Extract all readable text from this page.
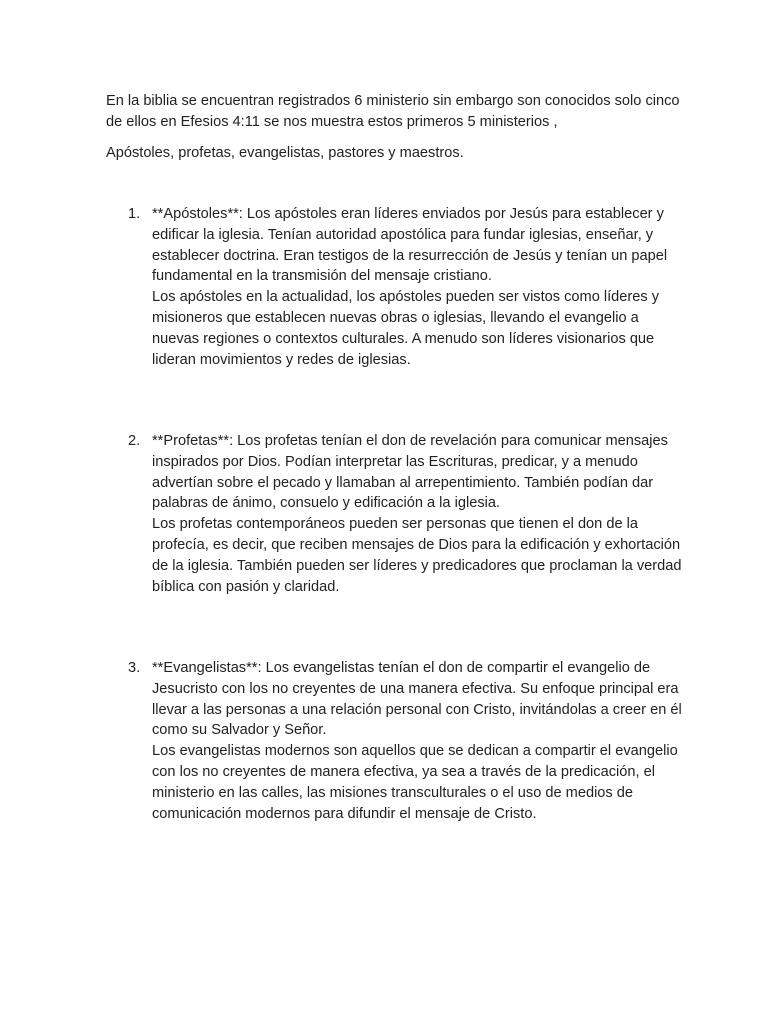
En la biblia se encuentran registrados 6 ministerio sin embargo son conocidos solo cinco de ellos en Efesios 4:11 se nos muestra estos primeros 5 ministerios ,

Apóstoles, profetas, evangelistas, pastores y maestros.

1. **Apóstoles**: Los apóstoles eran líderes enviados por Jesús para establecer y edificar la iglesia. Tenían autoridad apostólica para fundar iglesias, enseñar, y establecer doctrina. Eran testigos de la resurrección de Jesús y tenían un papel fundamental en la transmisión del mensaje cristiano.

Los apóstoles en la actualidad, los apóstoles pueden ser vistos como líderes y misioneros que establecen nuevas obras o iglesias, llevando el evangelio a nuevas regiones o contextos culturales. A menudo son líderes visionarios que lideran movimientos y redes de iglesias.

2. **Profetas**: Los profetas tenían el don de revelación para comunicar mensajes inspirados por Dios. Podían interpretar las Escrituras, predicar, y a menudo advertían sobre el pecado y llamaban al arrepentimiento. También podían dar palabras de ánimo, consuelo y edificación a la iglesia.

Los profetas contemporáneos pueden ser personas que tienen el don de la profecía, es decir, que reciben mensajes de Dios para la edificación y exhortación de la iglesia. También pueden ser líderes y predicadores que proclaman la verdad bíblica con pasión y claridad.

3. **Evangelistas**: Los evangelistas tenían el don de compartir el evangelio de Jesucristo con los no creyentes de una manera efectiva. Su enfoque principal era llevar a las personas a una relación personal con Cristo, invitándolas a creer en él como su Salvador y Señor.

Los evangelistas modernos son aquellos que se dedican a compartir el evangelio con los no creyentes de manera efectiva, ya sea a través de la predicación, el ministerio en las calles, las misiones transculturales o el uso de medios de comunicación modernos para difundir el mensaje de Cristo.
